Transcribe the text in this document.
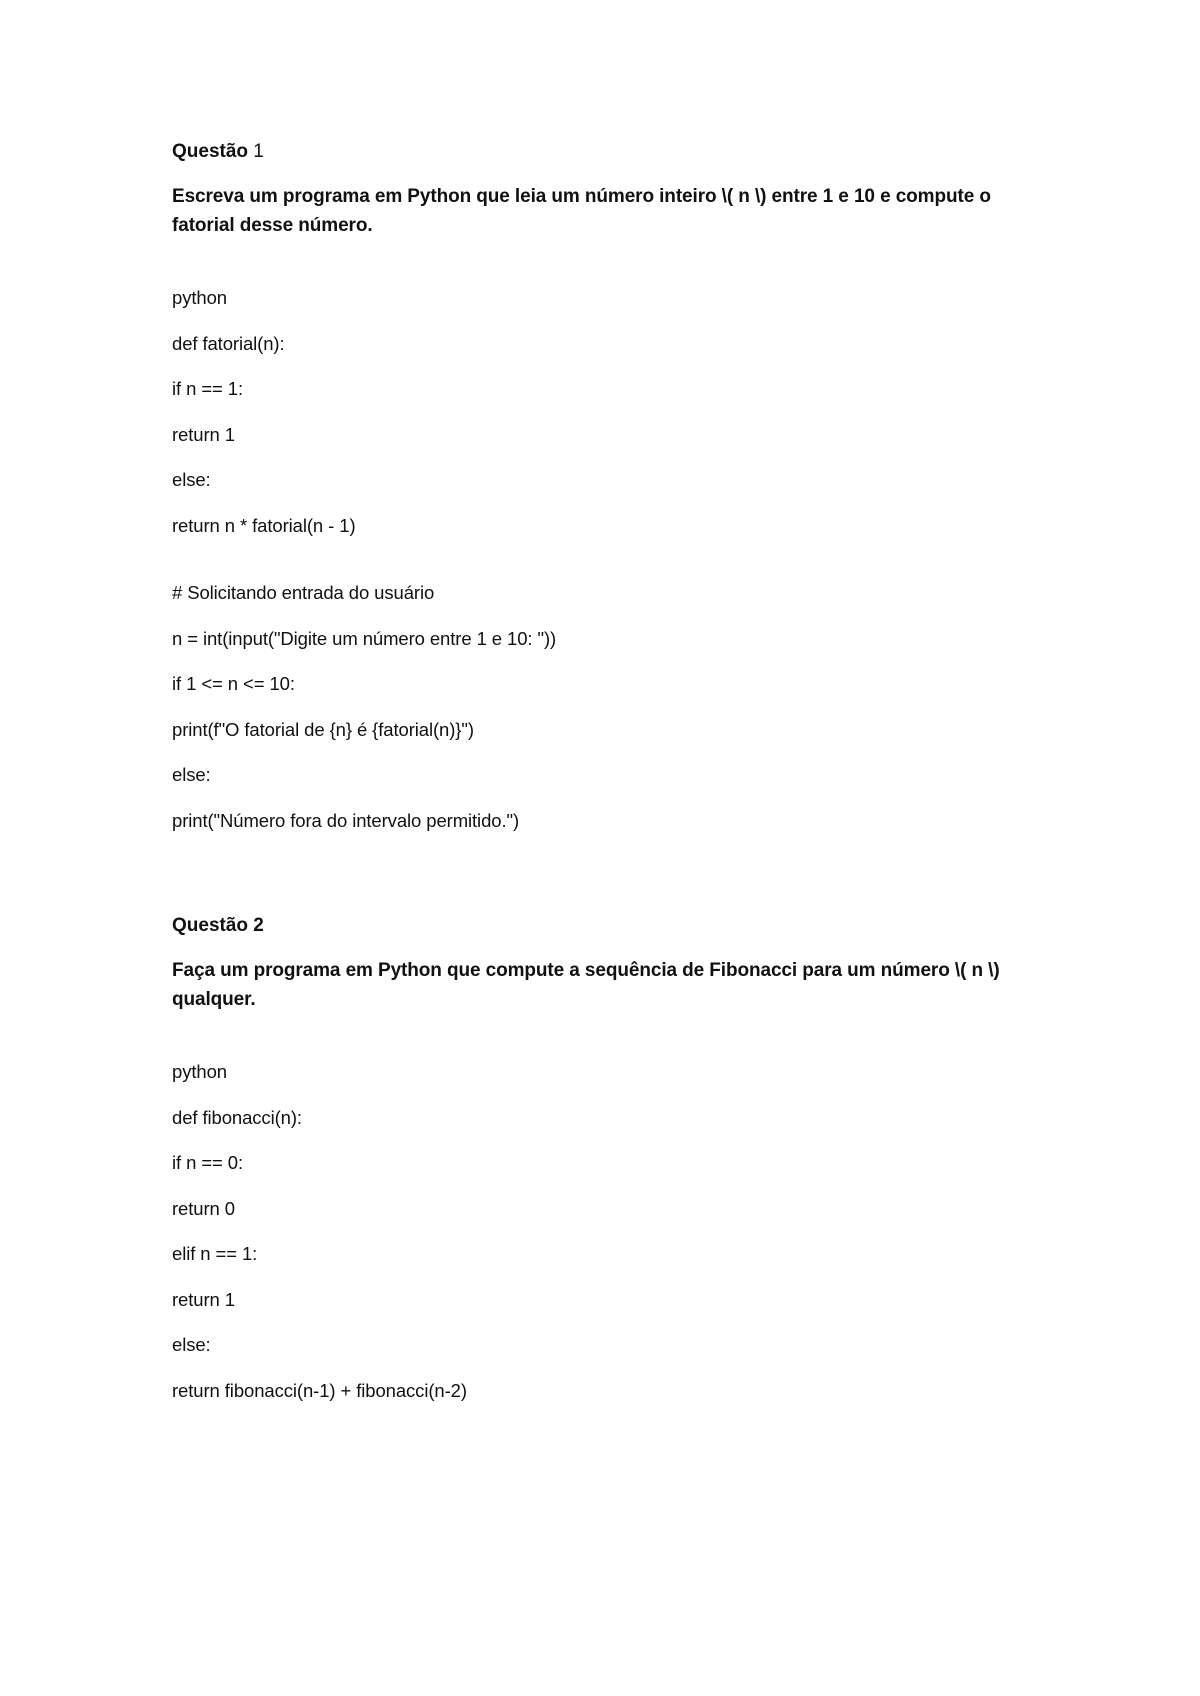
Questão 1

Escreva um programa em Python que leia um número inteiro \( n \) entre 1 e 10 e compute o fatorial desse número.

python
def fatorial(n):
if n == 1:
return 1
else:
return n * fatorial(n - 1)
# Solicitando entrada do usuário
n = int(input("Digite um número entre 1 e 10: "))
if 1 <= n <= 10:
print(f"O fatorial de {n} é {fatorial(n)}")
else:
print("Número fora do intervalo permitido.")
Questão 2

Faça um programa em Python que compute a sequência de Fibonacci para um número \( n \) qualquer.

python
def fibonacci(n):
if n == 0:
return 0
elif n == 1:
return 1
else:
return fibonacci(n-1) + fibonacci(n-2)
